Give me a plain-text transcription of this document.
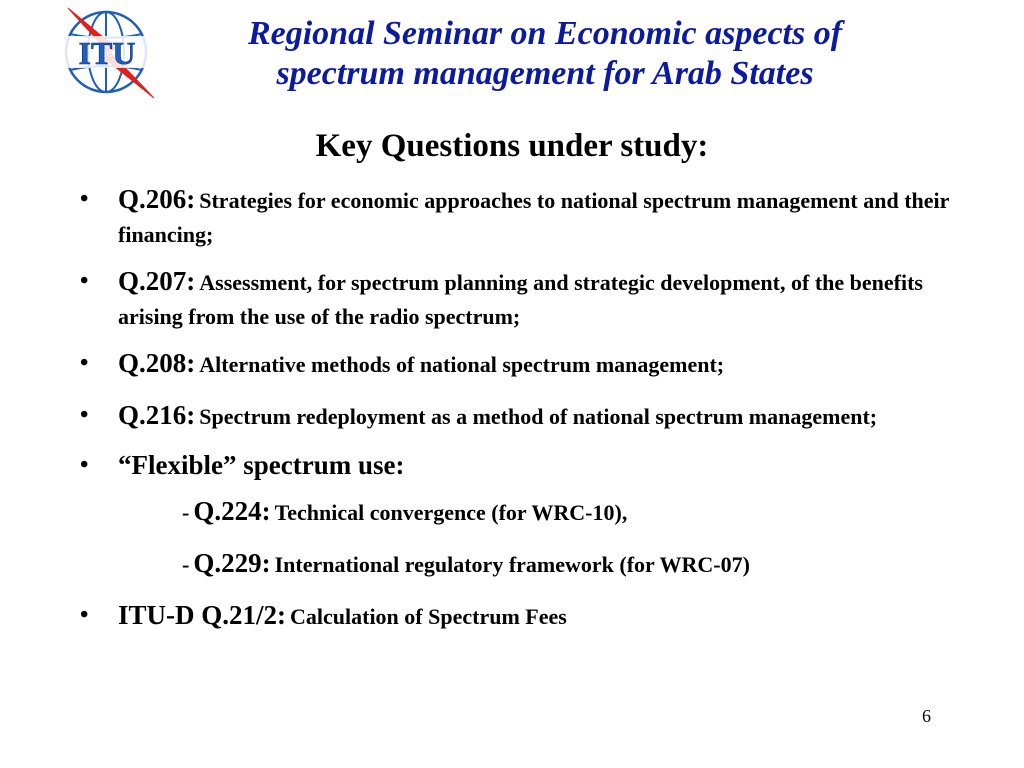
ITU
Regional Seminar on Economic aspects of
spectrum management for Arab States
Key Questions under study:
• Q.206: Strategies for economic approaches to national spectrum management and their financing;
• Q.207: Assessment, for spectrum planning and strategic development, of the benefits arising from the use of the radio spectrum;
• Q.208: Alternative methods of national spectrum management;
• Q.216: Spectrum redeployment as a method of national spectrum management;
• “Flexible” spectrum use:
- Q.224: Technical convergence (for WRC-10),
- Q.229: International regulatory framework (for WRC-07)
• ITU-D Q.21/2: Calculation of Spectrum Fees
6
